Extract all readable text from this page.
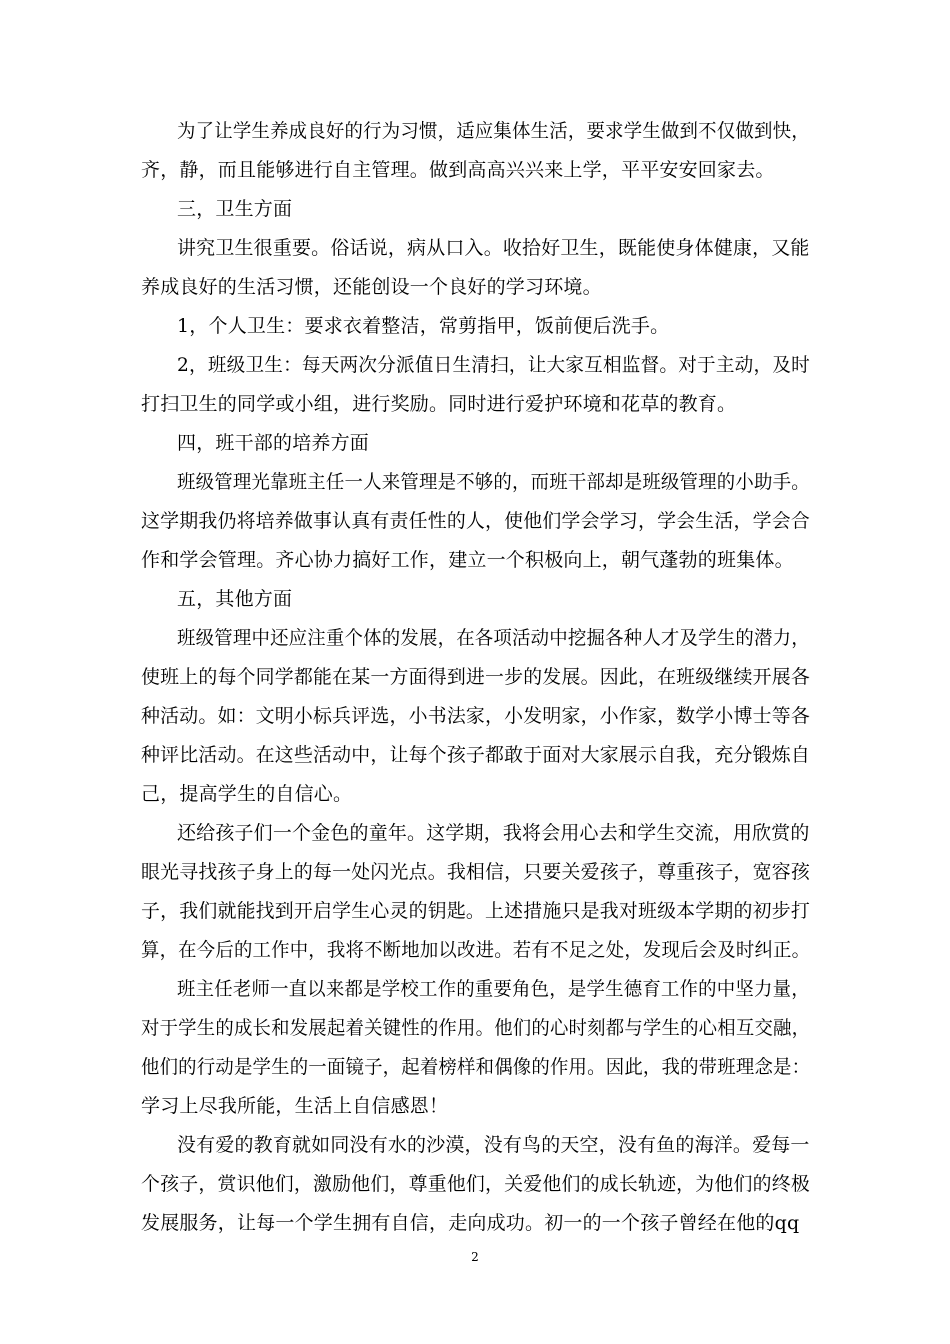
为了让学生养成良好的行为习惯，适应集体生活，要求学生做到不仅做到快，
齐，静，而且能够进行自主管理。做到高高兴兴来上学，平平安安回家去。
三，卫生方面
讲究卫生很重要。俗话说，病从口入。收拾好卫生，既能使身体健康，又能
养成良好的生活习惯，还能创设一个良好的学习环境。
1，个人卫生：要求衣着整洁，常剪指甲，饭前便后洗手。
2，班级卫生：每天两次分派值日生清扫，让大家互相监督。对于主动，及时
打扫卫生的同学或小组，进行奖励。同时进行爱护环境和花草的教育。
四，班干部的培养方面
班级管理光靠班主任一人来管理是不够的，而班干部却是班级管理的小助手。
这学期我仍将培养做事认真有责任性的人，使他们学会学习，学会生活，学会合
作和学会管理。齐心协力搞好工作，建立一个积极向上，朝气蓬勃的班集体。
五，其他方面
班级管理中还应注重个体的发展，在各项活动中挖掘各种人才及学生的潜力，
使班上的每个同学都能在某一方面得到进一步的发展。因此，在班级继续开展各
种活动。如：文明小标兵评选，小书法家，小发明家，小作家，数学小博士等各
种评比活动。在这些活动中，让每个孩子都敢于面对大家展示自我，充分锻炼自
己，提高学生的自信心。
还给孩子们一个金色的童年。这学期，我将会用心去和学生交流，用欣赏的
眼光寻找孩子身上的每一处闪光点。我相信，只要关爱孩子，尊重孩子，宽容孩
子，我们就能找到开启学生心灵的钥匙。上述措施只是我对班级本学期的初步打
算，在今后的工作中，我将不断地加以改进。若有不足之处，发现后会及时纠正。
班主任老师一直以来都是学校工作的重要角色，是学生德育工作的中坚力量，
对于学生的成长和发展起着关键性的作用。他们的心时刻都与学生的心相互交融，
他们的行动是学生的一面镜子，起着榜样和偶像的作用。因此，我的带班理念是：
学习上尽我所能，生活上自信感恩！
没有爱的教育就如同没有水的沙漠，没有鸟的天空，没有鱼的海洋。爱每一
个孩子，赏识他们，激励他们，尊重他们，关爱他们的成长轨迹，为他们的终极
发展服务，让每一个学生拥有自信，走向成功。初一的一个孩子曾经在他的qq
2
